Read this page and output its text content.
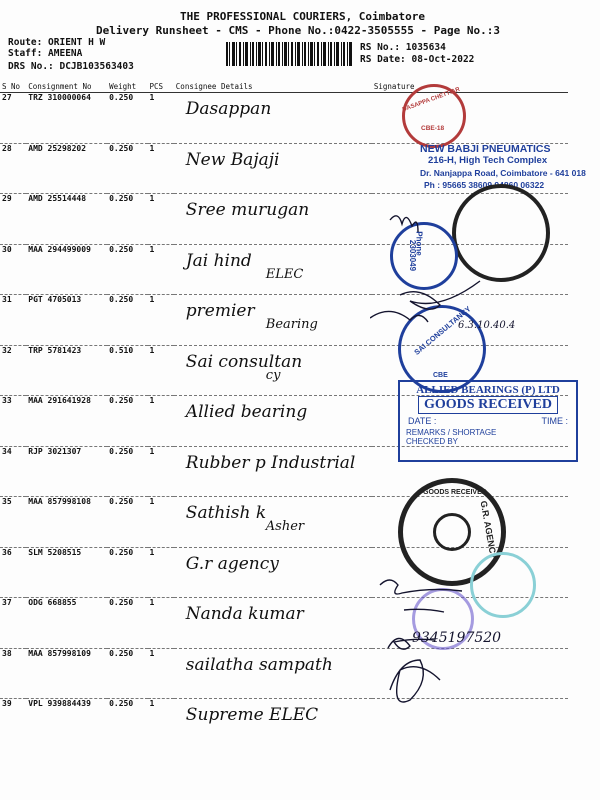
THE PROFESSIONAL COURIERS, Coimbatore
Delivery Runsheet - CMS - Phone No.:0422-3505555 - Page No.:3
Route: ORIENT H W
Staff: AMEENA
DRS No.: DCJB103563403
RS No.: 1035634
RS Date: 08-Oct-2022
S No	Consignment No	Weight	PCS	Consignee Details	Signature
27	TRZ 310000064	0.250	1	Dasappan

28	AMD 25298202	0.250	1	New Bajaji

29	AMD 25514448	0.250	1	Sree murugan

30	MAA 294499009	0.250	1	Jai hind
ELEC	

31	PGT 4705013	0.250	1	premier
Bearing	

32	TRP 5781423	0.510	1	Sai consultan
cy	

33	MAA 291641928	0.250	1	Allied bearing

34	RJP 3021307	0.250	1	Rubber p Industrial

35	MAA 857998108	0.250	1	Sathish k
Asher	

36	SLM 5208515	0.250	1	G.r agency

37	ODG 668855	0.250	1	Nanda kumar

38	MAA 857998109	0.250	1	sailatha sampath

39	VPL 939884439	0.250	1	Supreme ELEC

DASAPPA CHETTIAR
CBE-18
NEW BABJI PNEUMATICS
216-H, High Tech Complex
Dr. Nanjappa Road, Coimbatore - 641 018
Ph : 95665 38609 94860 06322
Phone
2303049
SAI CONSULTANCY
CBE
ALLIED BEARINGS (P) LTD
GOODS RECEIVED
DATE :	TIME :
REMARKS / SHORTAGE
CHECKED BY
GOODS RECEIVED
G.R. AGENCY
9345197520
6.3.10.40.4
